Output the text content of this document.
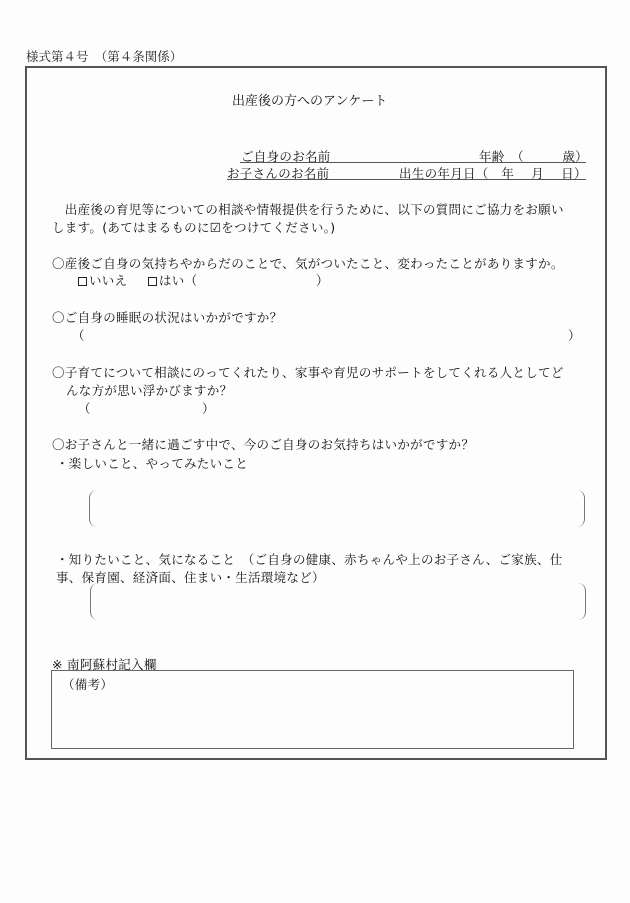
様式第４号　（第４条関係）
出産後の方へのアンケート
ご自身のお名前	年齢　（　　　歳）
お子さんのお名前	出生の年月日（　年　 月　 日）
　出産後の育児等についての相談や情報提供を行うために、以下の質問にご協力をお願い
します。(あてはまるものに☑をつけてください。)
〇産後ご自身の気持ちやからだのことで、気がついたこと、変わったことがありますか。
いいえ	はい（	）
〇ご自身の睡眠の状況はいかがですか？
（	）
〇子育てについて相談にのってくれたり、家事や育児のサポートをしてくれる人としてど
んな方が思い浮かびますか？
（	）
〇お子さんと一緒に過ごす中で、今のご自身のお気持ちはいかがですか？
・楽しいこと、やってみたいこと
・知りたいこと、気になること　（ご自身の健康、赤ちゃんや上のお子さん、ご家族、仕
事、保育園、経済面、住まい・生活環境など）
※ 南阿蘇村記入欄
（備考）
